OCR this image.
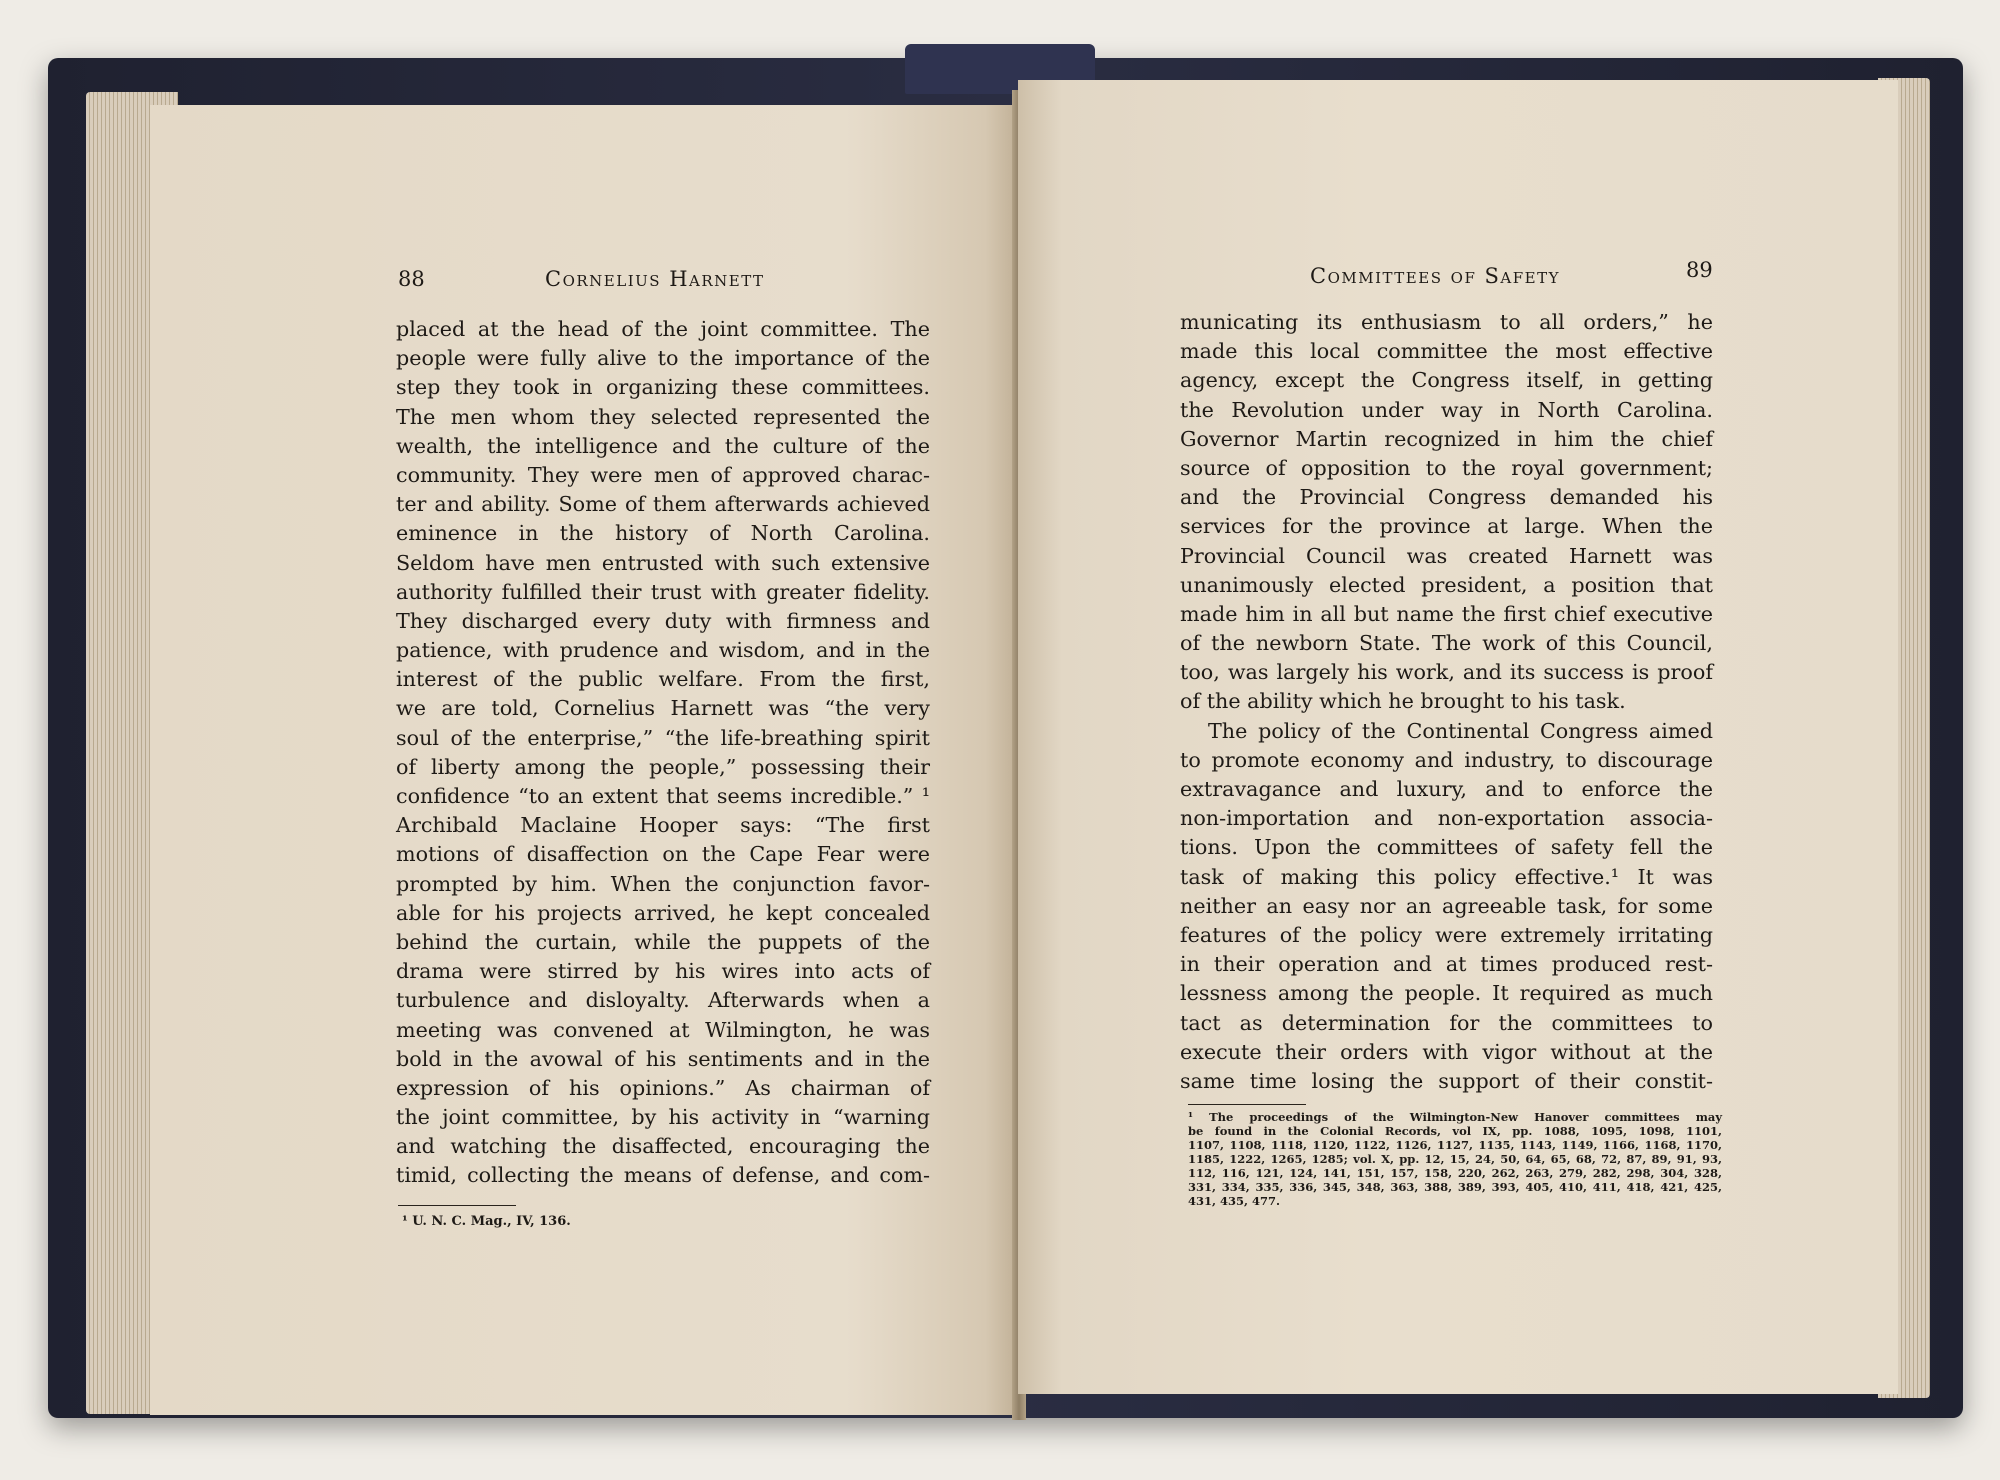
88	Cornelius Harnett
placed at the head of the joint committee. The
people were fully alive to the importance of the
step they took in organizing these committees.
The men whom they selected represented the
wealth, the intelligence and the culture of the
community. They were men of approved charac-
ter and ability. Some of them afterwards achieved
eminence in the history of North Carolina.
Seldom have men entrusted with such extensive
authority fulfilled their trust with greater fidelity.
They discharged every duty with firmness and
patience, with prudence and wisdom, and in the
interest of the public welfare. From the first,
we are told, Cornelius Harnett was “the very
soul of the enterprise,” “the life-breathing spirit
of liberty among the people,” possessing their
confidence “to an extent that seems incredible.” ¹
Archibald Maclaine Hooper says: “The first
motions of disaffection on the Cape Fear were
prompted by him. When the conjunction favor-
able for his projects arrived, he kept concealed
behind the curtain, while the puppets of the
drama were stirred by his wires into acts of
turbulence and disloyalty. Afterwards when a
meeting was convened at Wilmington, he was
bold in the avowal of his sentiments and in the
expression of his opinions.” As chairman of
the joint committee, by his activity in “warning
and watching the disaffected, encouraging the
timid, collecting the means of defense, and com-
¹ U. N. C. Mag., IV, 136.
Committees of Safety	89
municating its enthusiasm to all orders,” he
made this local committee the most effective
agency, except the Congress itself, in getting
the Revolution under way in North Carolina.
Governor Martin recognized in him the chief
source of opposition to the royal government;
and the Provincial Congress demanded his
services for the province at large. When the
Provincial Council was created Harnett was
unanimously elected president, a position that
made him in all but name the first chief executive
of the newborn State. The work of this Council,
too, was largely his work, and its success is proof
of the ability which he brought to his task.
The policy of the Continental Congress aimed
to promote economy and industry, to discourage
extravagance and luxury, and to enforce the
non-importation and non-exportation associa-
tions. Upon the committees of safety fell the
task of making this policy effective.¹ It was
neither an easy nor an agreeable task, for some
features of the policy were extremely irritating
in their operation and at times produced rest-
lessness among the people. It required as much
tact as determination for the committees to
execute their orders with vigor without at the
same time losing the support of their constit-
¹ The proceedings of the Wilmington-New Hanover committees may
be found in the Colonial Records, vol IX, pp. 1088, 1095, 1098, 1101,
1107, 1108, 1118, 1120, 1122, 1126, 1127, 1135, 1143, 1149, 1166, 1168, 1170,
1185, 1222, 1265, 1285; vol. X, pp. 12, 15, 24, 50, 64, 65, 68, 72, 87, 89, 91, 93,
112, 116, 121, 124, 141, 151, 157, 158, 220, 262, 263, 279, 282, 298, 304, 328,
331, 334, 335, 336, 345, 348, 363, 388, 389, 393, 405, 410, 411, 418, 421, 425,
431, 435, 477.
